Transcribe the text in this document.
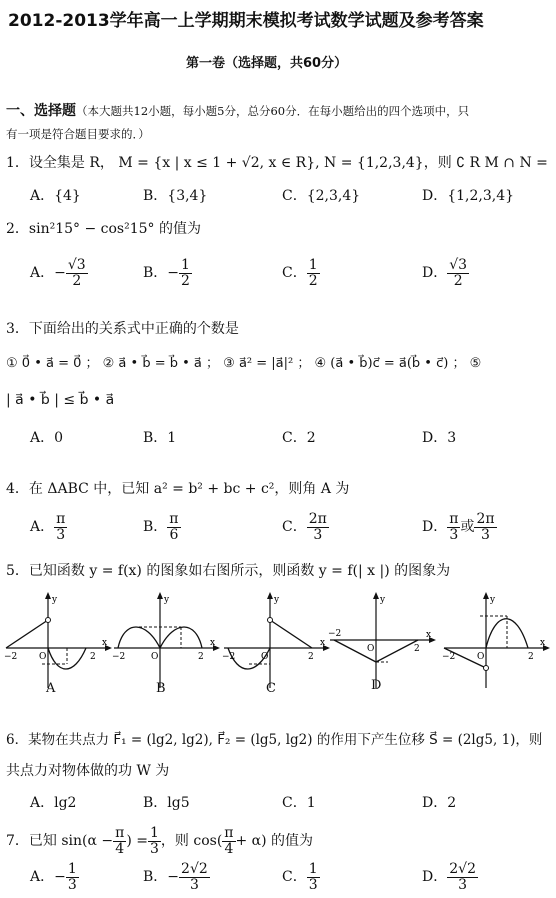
2012-2013学年高一上学期期末模拟考试数学试题及参考答案
第一卷（选择题，共60分）
一、选择题（本大题共12小题，每小题5分，总分60分．在每小题给出的四个选项中，只
有一项是符合题目要求的．）
1．设全集是 R， M = {x | x ≤ 1 + √2, x ∈ R}, N = {1,2,3,4}，则 ∁ R M ∩ N =
A．{4}	B．{3,4}	C．{2,3,4}	D．{1,2,3,4}
2．sin²15° − cos²15° 的值为
A．− $\frac{√3}{2}$	B．− $\frac{1}{2}$	C． $\frac{1}{2}$	D． $\frac{√3}{2}$
3．下面给出的关系式中正确的个数是
① 0⃗ • a⃗ = 0⃗ ； ② a⃗ • b⃗ = b⃗ • a⃗ ； ③ a⃗² = |a⃗|² ； ④ (a⃗ • b⃗)c⃗ = a⃗(b⃗ • c⃗) ； ⑤
| a⃗ • b⃗ | ≤ b⃗ • a⃗
A．0	B．1	C．2	D．3
4．在 ΔABC 中，已知 a² = b² + bc + c²，则角 A 为
A． $\frac{\pi}{3}$	B． $\frac{\pi}{6}$	C． $\frac{2\pi}{3}$	D． $\frac{\pi}{3}$ 或 $\frac{2\pi}{3}$
5．已知函数 y = f(x) 的图象如右图所示，则函数 y = f(| x |) 的图象为
y
x
O
−2	2
A
y
x
O
−2	2
B
y
x
O
−2	2
C
y
x
O
−2
2
D
y
x
O
−2	2
6．某物在共点力 F⃗₁ = (lg2, lg2), F⃗₂ = (lg5, lg2) 的作用下产生位移 S⃗ = (2lg5, 1)，则
共点力对物体做的功 W 为
A．lg2	B．lg5	C．1	D．2
7．已知 $\sin(\alpha - \frac{\pi}{4}$ ) = $\frac{1}{3}$ ，则 $\cos( \frac{\pi}{4} + \alpha)$ 的值为
A．− $\frac{1}{3}$	B．− $\frac{2√2}{3}$	C． $\frac{1}{3}$	D． $\frac{2√2}{3}$
